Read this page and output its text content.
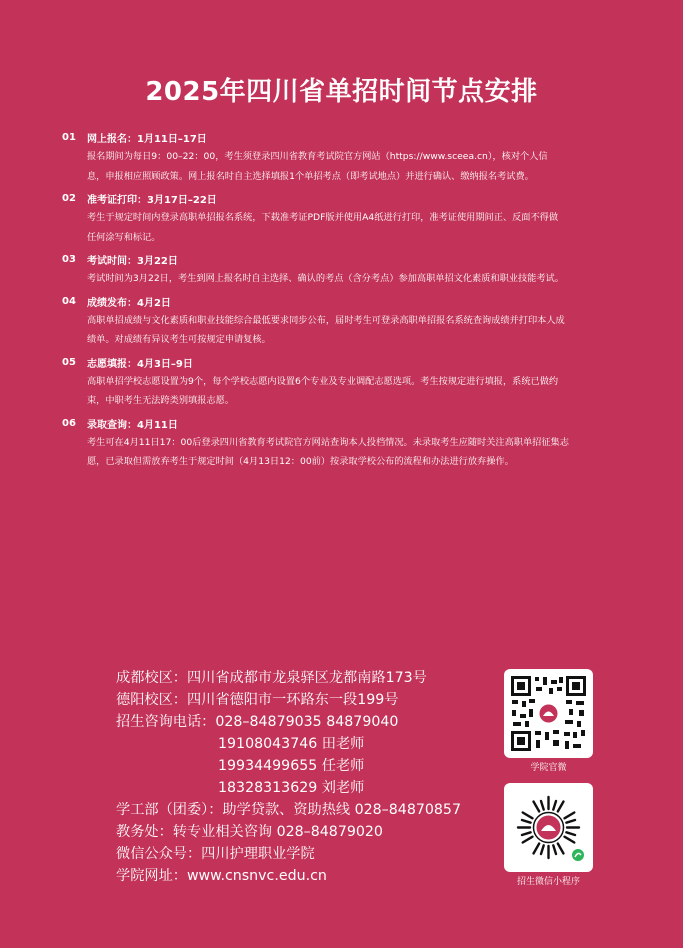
2025年四川省单招时间节点安排
01	网上报名：1月11日–17日
报名期间为每日9：00–22：00，考生须登录四川省教育考试院官方网站（https://www.sceea.cn），核对个人信
息，申报相应照顾政策。网上报名时自主选择填报1个单招考点（即考试地点）并进行确认、缴纳报名考试费。
02	准考证打印：3月17日–22日
考生于规定时间内登录高职单招报名系统，下载准考证PDF版并使用A4纸进行打印，准考证使用期间正、反面不得做
任何涂写和标记。
03	考试时间：3月22日
考试时间为3月22日，考生到网上报名时自主选择、确认的考点（含分考点）参加高职单招文化素质和职业技能考试。
04	成绩发布：4月2日
高职单招成绩与文化素质和职业技能综合最低要求同步公布，届时考生可登录高职单招报名系统查询成绩并打印本人成
绩单。对成绩有异议考生可按规定申请复核。
05	志愿填报：4月3日–9日
高职单招学校志愿设置为9个，每个学校志愿内设置6个专业及专业调配志愿选项。考生按规定进行填报，系统已做约
束，中职考生无法跨类别填报志愿。
06	录取查询：4月11日
考生可在4月11日17：00后登录四川省教育考试院官方网站查询本人投档情况。未录取考生应随时关注高职单招征集志
愿，已录取但需放弃考生于规定时间（4月13日12：00前）按录取学校公布的流程和办法进行放弃操作。
成都校区：四川省成都市龙泉驿区龙都南路173号
德阳校区：四川省德阳市一环路东一段199号
招生咨询电话：028–84879035 84879040
19108043746 田老师
19934499655 任老师
18328313629 刘老师
学工部（团委）：助学贷款、资助热线 028–84870857
教务处：转专业相关咨询 028–84879020
微信公众号：四川护理职业学院
学院网址：www.cnsnvc.edu.cn
学院官微
招生微信小程序
